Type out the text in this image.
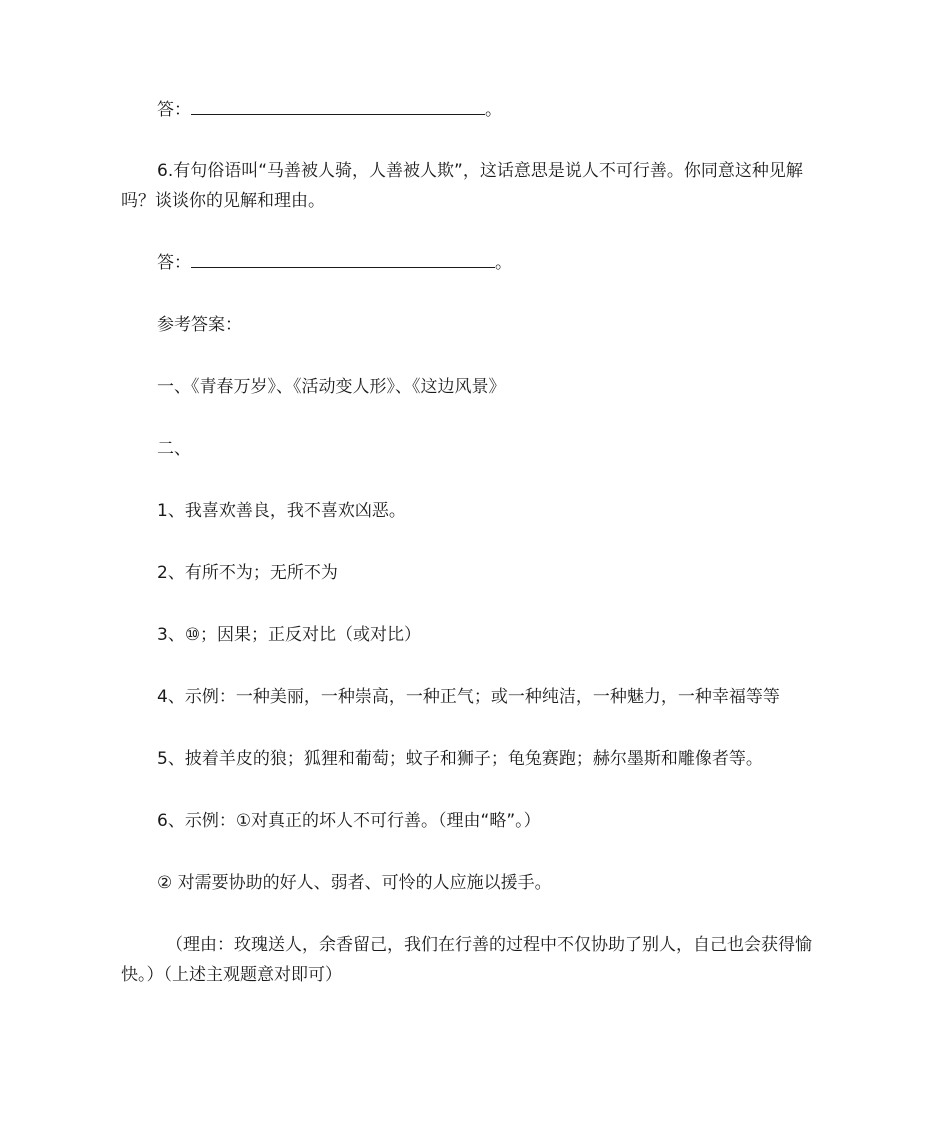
答：	。
6.有句俗语叫“马善被人骑，人善被人欺”，这话意思是说人不可行善。你同意这种见解吗？谈谈你的见解和理由。
答：	。
参考答案：
一、《青春万岁》、《活动变人形》、《这边风景》
二、
1、我喜欢善良，我不喜欢凶恶。
2、有所不为；无所不为
3、⑩；因果；正反对比（或对比）
4、示例：一种美丽，一种崇高，一种正气；或一种纯洁，一种魅力，一种幸福等等
5、披着羊皮的狼；狐狸和葡萄；蚊子和狮子；龟兔赛跑；赫尔墨斯和雕像者等。
6、示例：①对真正的坏人不可行善。（理由“略”。）
② 对需要协助的好人、弱者、可怜的人应施以援手。
（理由：玫瑰送人，余香留己，我们在行善的过程中不仅协助了别人，自己也会获得愉快。）（上述主观题意对即可）
